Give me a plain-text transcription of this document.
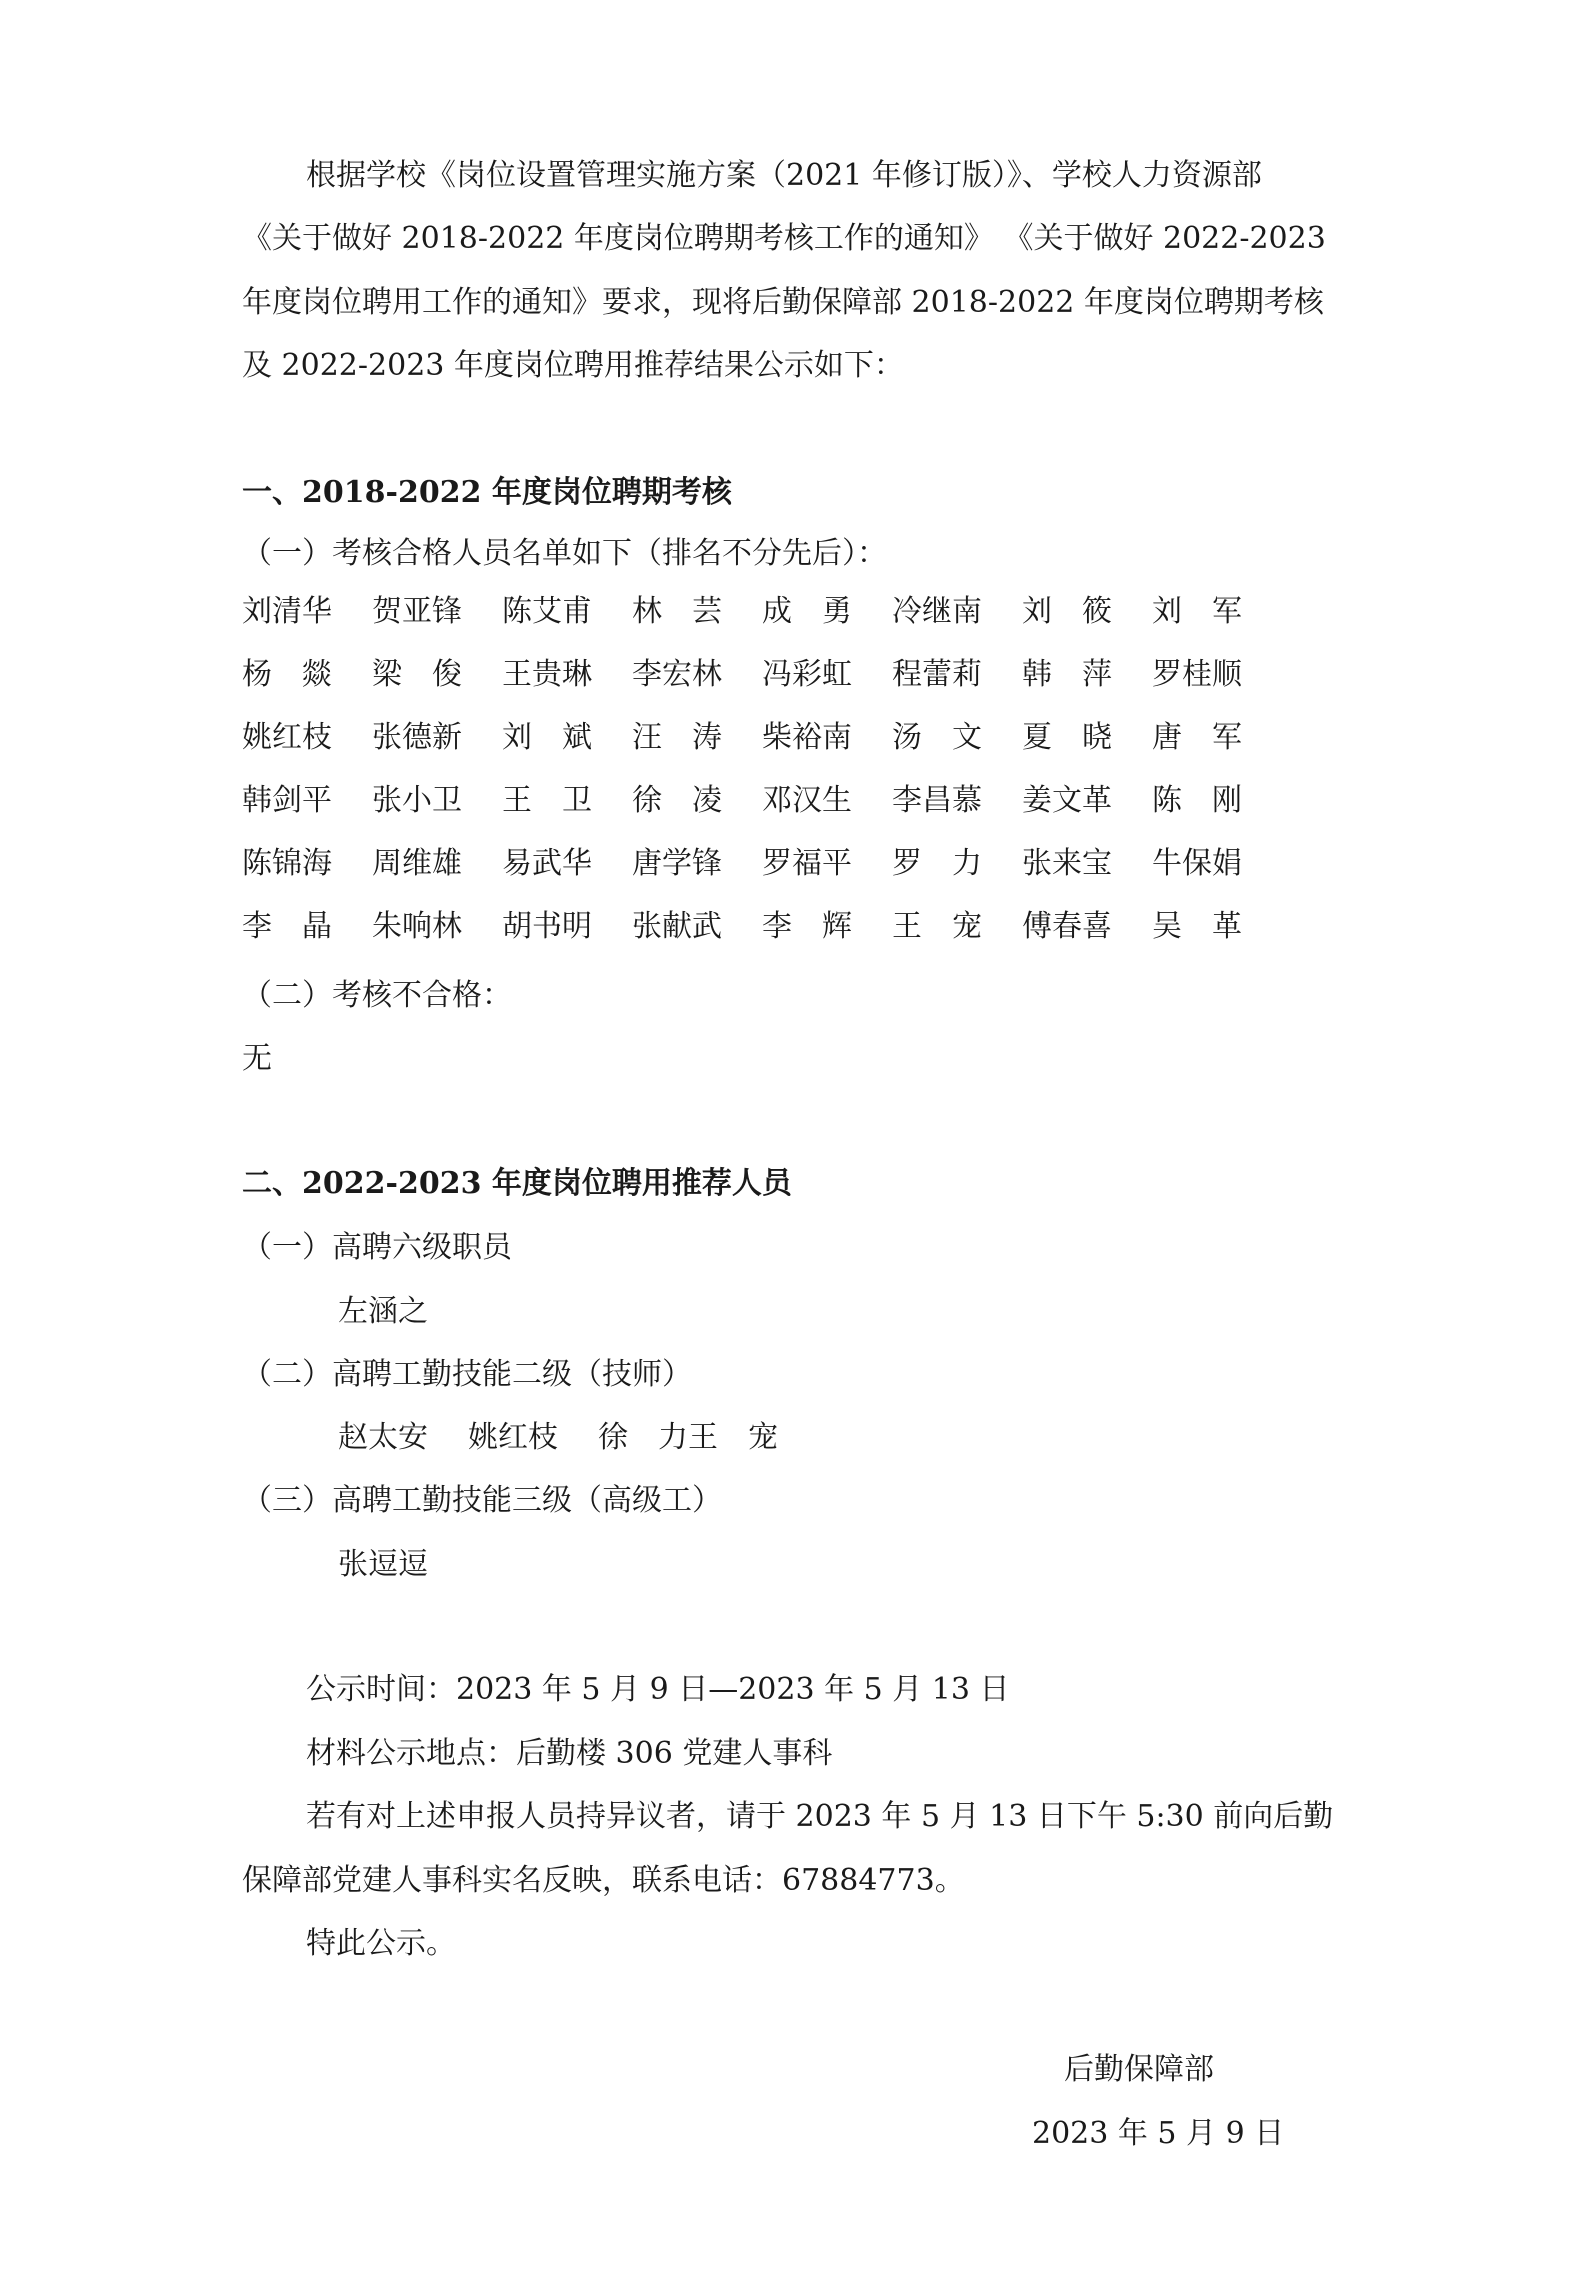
根据学校《岗位设置管理实施方案（2021 年修订版）》、学校人力资源部
《关于做好 2018-2022 年度岗位聘期考核工作的通知》 《关于做好 2022-2023
年度岗位聘用工作的通知》要求，现将后勤保障部 2018-2022 年度岗位聘期考核
及 2022-2023 年度岗位聘用推荐结果公示如下：
一、2018-2022 年度岗位聘期考核
（一）考核合格人员名单如下（排名不分先后）：
刘清华	贺亚锋	陈艾甫	林　芸	成　勇	冷继南	刘　筱	刘　军
杨　燚	梁　俊	王贵琳	李宏林	冯彩虹	程蕾莉	韩　萍	罗桂顺
姚红枝	张德新	刘　斌	汪　涛	柴裕南	汤　文	夏　晓	唐　军
韩剑平	张小卫	王　卫	徐　凌	邓汉生	李昌慕	姜文革	陈　刚
陈锦海	周维雄	易武华	唐学锋	罗福平	罗　力	张来宝	牛保娟
李　晶	朱响林	胡书明	张献武	李　辉	王　宠	傅春喜	吴　革
（二）考核不合格：
无
二、2022-2023 年度岗位聘用推荐人员
（一）高聘六级职员
左涵之
（二）高聘工勤技能二级（技师）
赵太安	姚红枝	徐　力 王　宠
（三）高聘工勤技能三级（高级工）
张逗逗
公示时间：2023 年 5 月 9 日—2023 年 5 月 13 日
材料公示地点：后勤楼 306 党建人事科
若有对上述申报人员持异议者，请于 2023 年 5 月 13 日下午 5:30 前向后勤
保障部党建人事科实名反映，联系电话：67884773。
特此公示。
后勤保障部
2023 年 5 月 9 日
